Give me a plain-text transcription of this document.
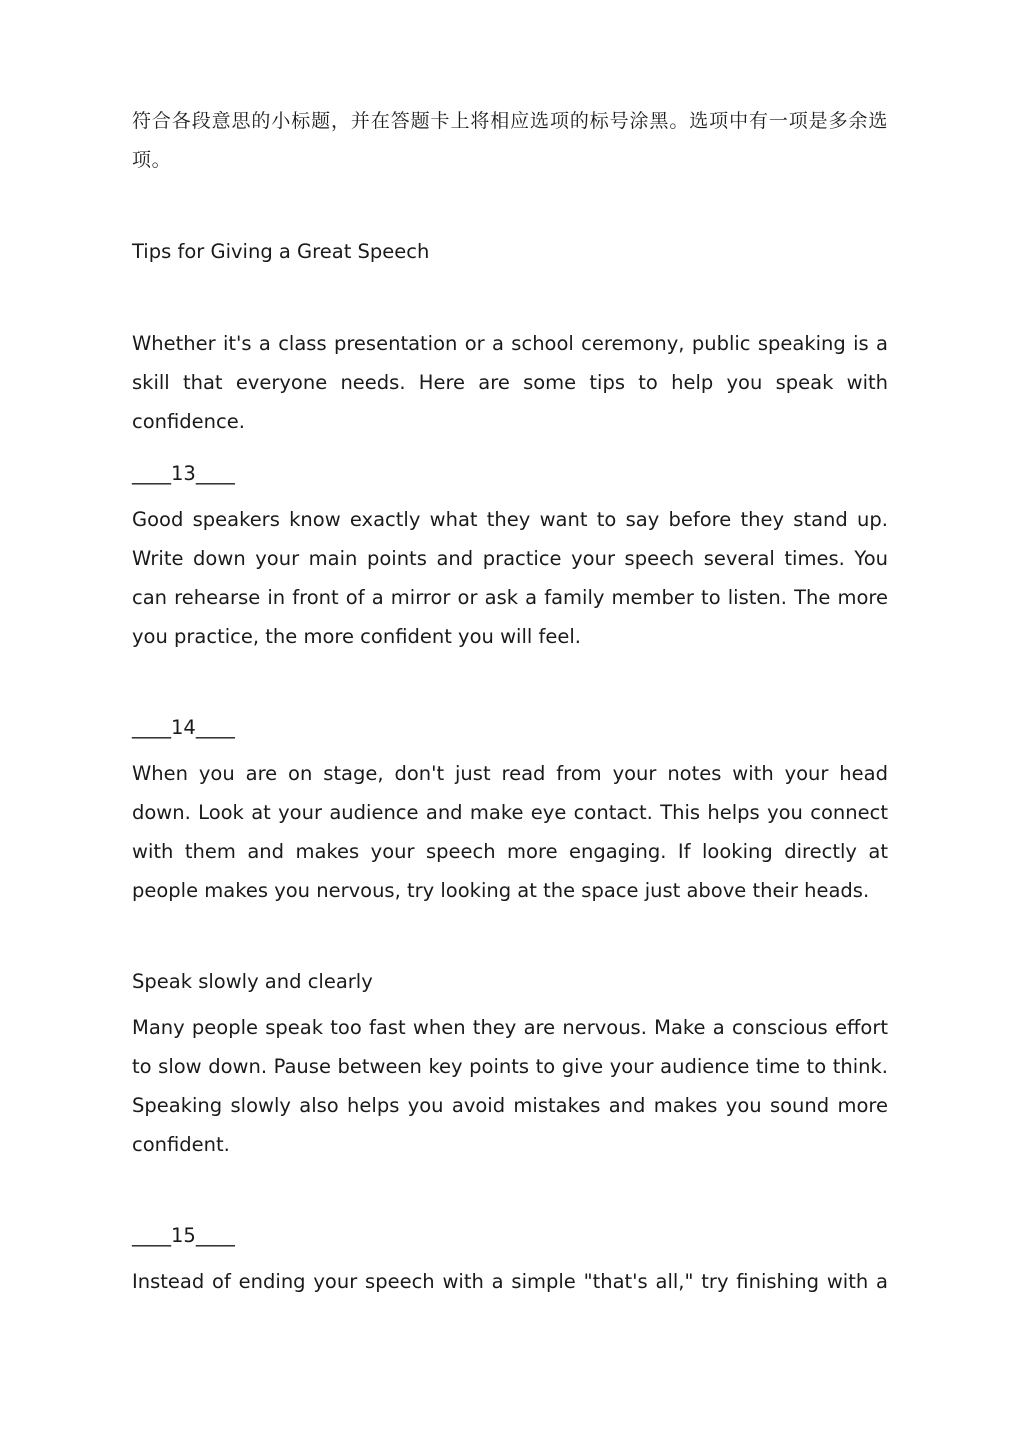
符合各段意思的小标题，并在答题卡上将相应选项的标号涂黑。选项中有一项是多余选项。
Tips for Giving a Great Speech
Whether it's a class presentation or a school ceremony, public speaking is a skill that everyone needs. Here are some tips to help you speak with confidence.
____13____
Good speakers know exactly what they want to say before they stand up. Write down your main points and practice your speech several times. You can rehearse in front of a mirror or ask a family member to listen. The more you practice, the more confident you will feel.
____14____
When you are on stage, don't just read from your notes with your head down. Look at your audience and make eye contact. This helps you connect with them and makes your speech more engaging. If looking directly at people makes you nervous, try looking at the space just above their heads.
Speak slowly and clearly
Many people speak too fast when they are nervous. Make a conscious effort to slow down. Pause between key points to give your audience time to think. Speaking slowly also helps you avoid mistakes and makes you sound more confident.
____15____
Instead of ending your speech with a simple "that's all," try finishing with a
